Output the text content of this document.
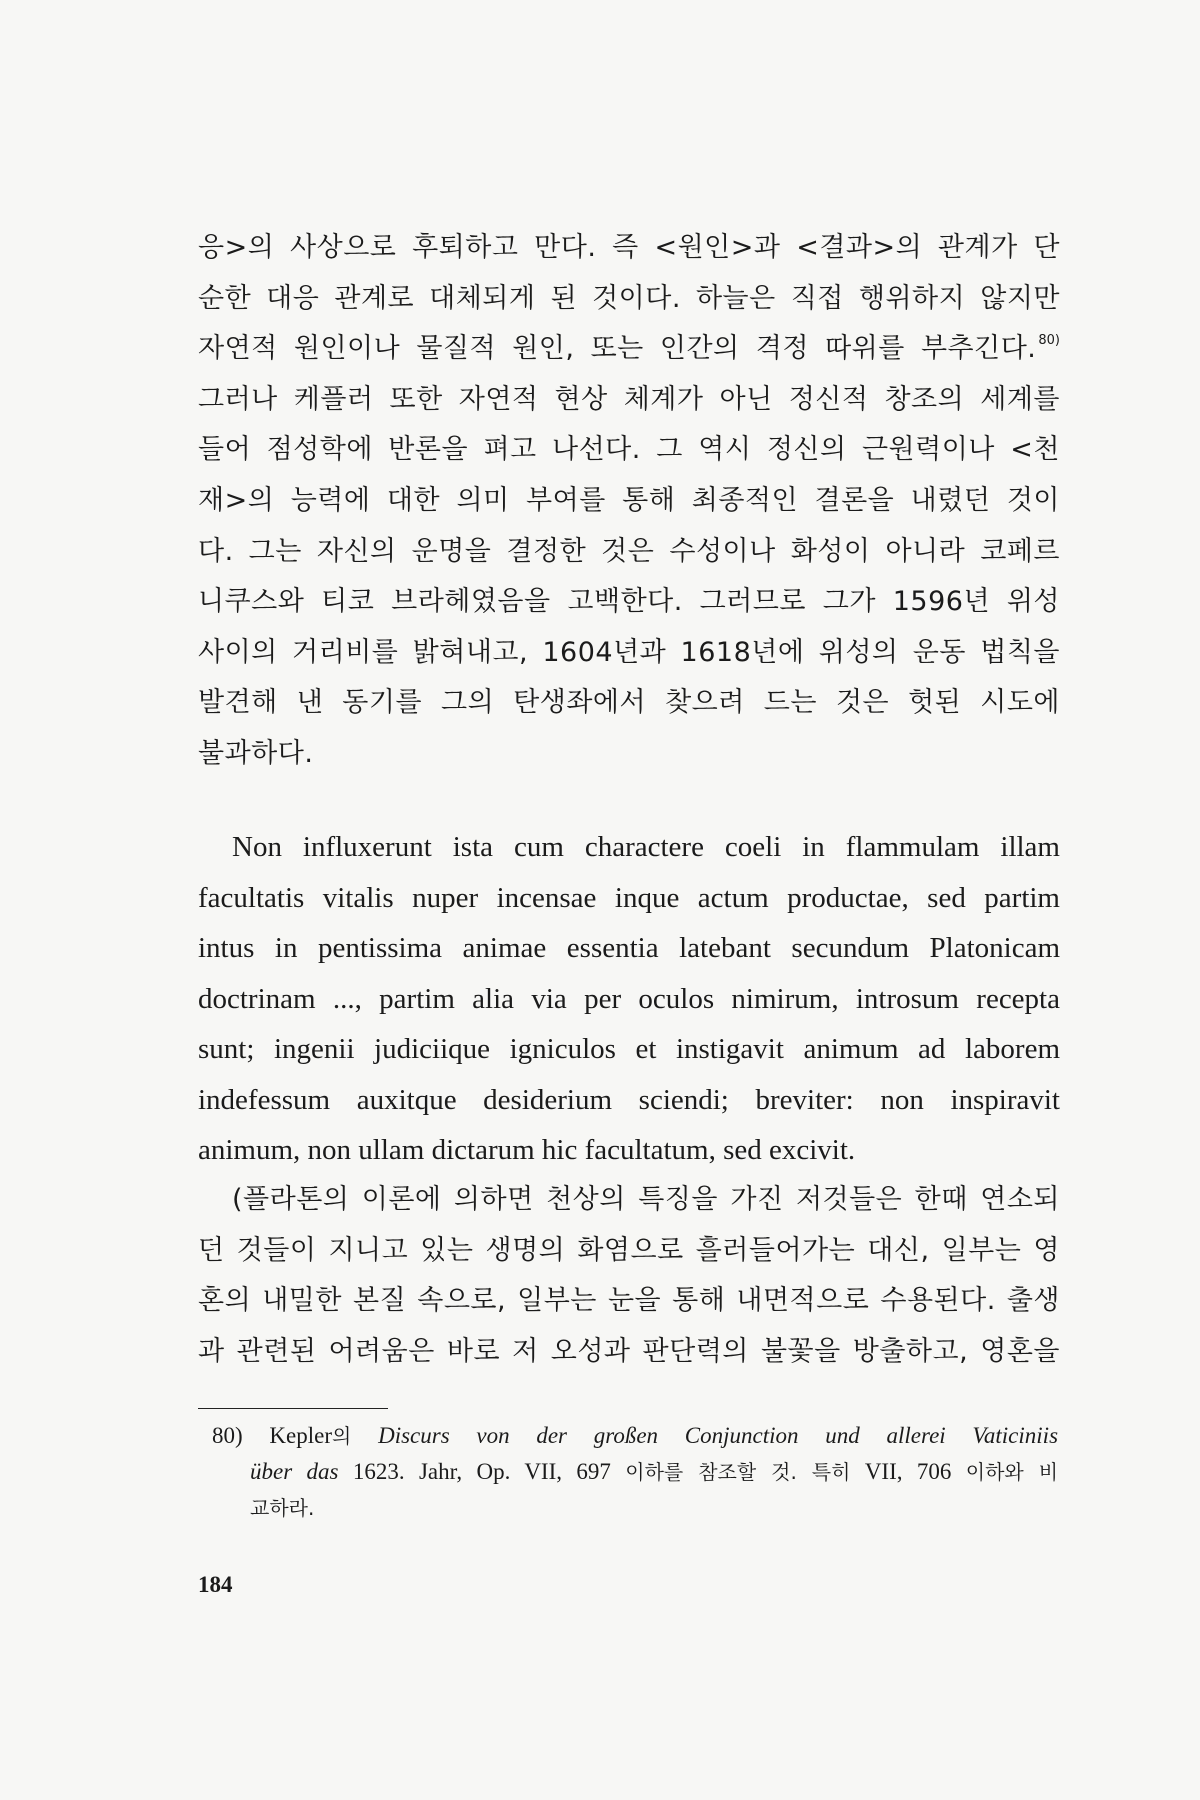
응>의 사상으로 후퇴하고 만다. 즉 <원인>과 <결과>의 관계가 단
순한 대응 관계로 대체되게 된 것이다. 하늘은 직접 행위하지 않지만
자연적 원인이나 물질적 원인, 또는 인간의 격정 따위를 부추긴다. $^{80)}$
그러나 케플러 또한 자연적 현상 체계가 아닌 정신적 창조의 세계를
들어 점성학에 반론을 펴고 나선다. 그 역시 정신의 근원력이나 <천
재>의 능력에 대한 의미 부여를 통해 최종적인 결론을 내렸던 것이
다. 그는 자신의 운명을 결정한 것은 수성이나 화성이 아니라 코페르
니쿠스와 티코 브라헤였음을 고백한다. 그러므로 그가 1596년 위성
사이의 거리비를 밝혀내고, 1604년과 1618년에 위성의 운동 법칙을
발견해 낸 동기를 그의 탄생좌에서 찾으려 드는 것은 헛된 시도에
불과하다.
Non influxerunt ista cum charactere coeli in flammulam illam
facultatis vitalis nuper incensae inque actum productae, sed partim
intus in pentissima animae essentia latebant secundum Platonicam
doctrinam ..., partim alia via per oculos nimirum, introsum recepta
sunt; ingenii judiciique igniculos et instigavit animum ad laborem
indefessum auxitque desiderium sciendi; breviter: non inspiravit
animum, non ullam dictarum hic facultatum, sed excivit.
(플라톤의 이론에 의하면 천상의 특징을 가진 저것들은 한때 연소되
던 것들이 지니고 있는 생명의 화염으로 흘러들어가는 대신, 일부는 영
혼의 내밀한 본질 속으로, 일부는 눈을 통해 내면적으로 수용된다. 출생
과 관련된 어려움은 바로 저 오성과 판단력의 불꽃을 방출하고, 영혼을
80) Kepler의 Discurs von der großen Conjunction und allerei Vaticiniis
über das 1623. Jahr, Op. VII, 697 이하를 참조할 것. 특히 VII, 706 이하와 비
교하라.
184
